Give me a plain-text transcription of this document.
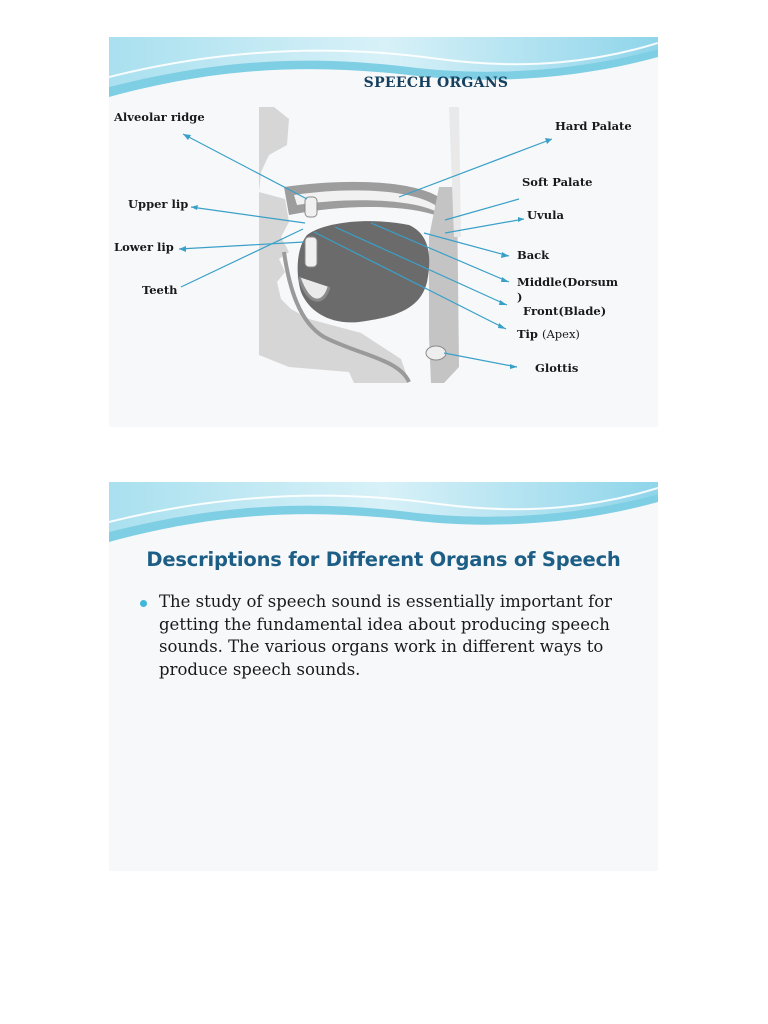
SPEECH ORGANS
Alveolar ridge
Upper lip
Lower lip
Teeth
Hard Palate
Soft Palate
Uvula
Back
Middle(Dorsum
)
Front(Blade)
Tip (Apex)
Glottis
Descriptions for Different Organs of Speech
The study of speech sound is essentially important for getting the fundamental idea about producing speech sounds. The various organs work in different ways to produce speech sounds.
